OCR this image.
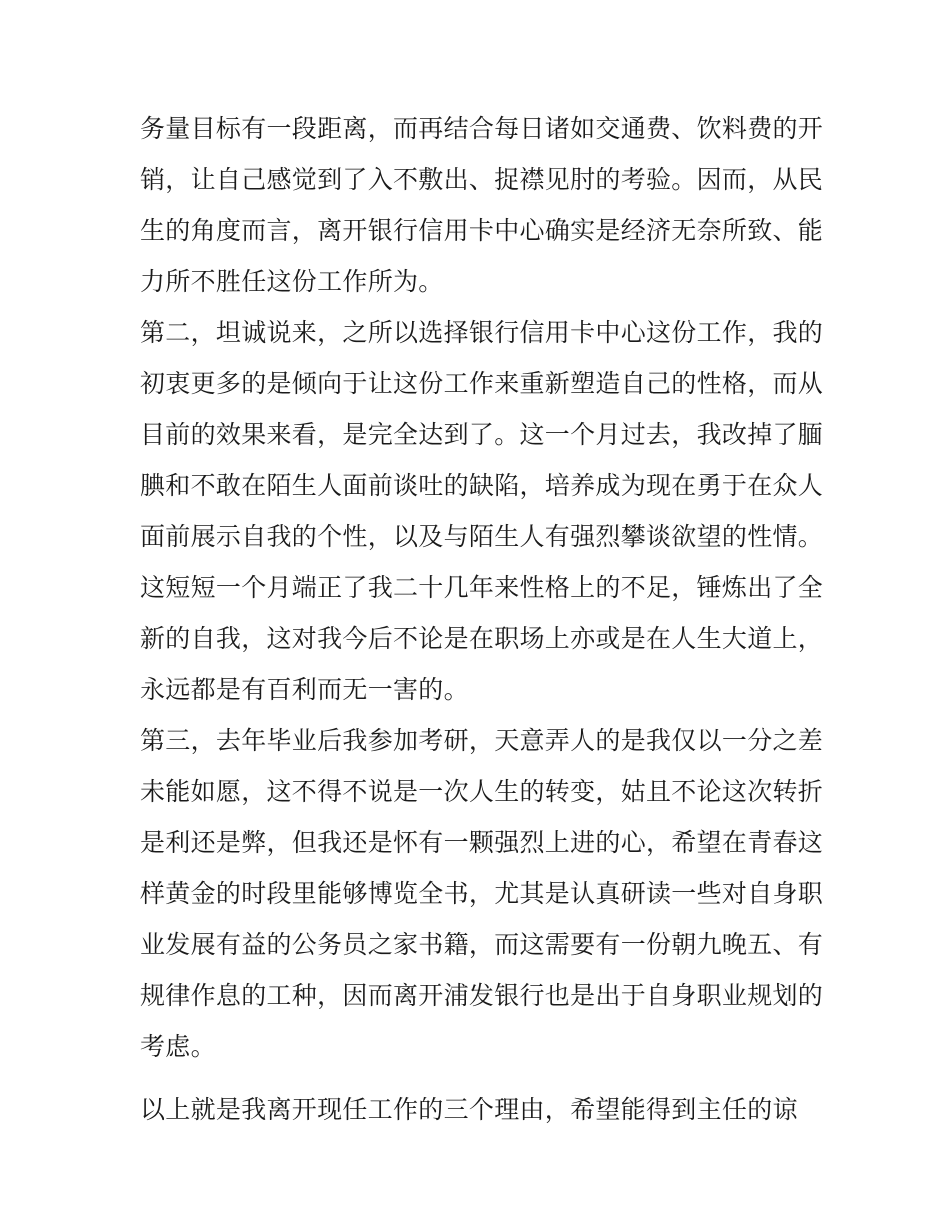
务量目标有一段距离，而再结合每日诸如交通费、饮料费的开
销，让自己感觉到了入不敷出、捉襟见肘的考验。因而，从民
生的角度而言，离开银行信用卡中心确实是经济无奈所致、能
力所不胜任这份工作所为。
第二，坦诚说来，之所以选择银行信用卡中心这份工作，我的
初衷更多的是倾向于让这份工作来重新塑造自己的性格，而从
目前的效果来看，是完全达到了。这一个月过去，我改掉了腼
腆和不敢在陌生人面前谈吐的缺陷，培养成为现在勇于在众人
面前展示自我的个性，以及与陌生人有强烈攀谈欲望的性情。
这短短一个月端正了我二十几年来性格上的不足，锤炼出了全
新的自我，这对我今后不论是在职场上亦或是在人生大道上，
永远都是有百利而无一害的。
第三，去年毕业后我参加考研，天意弄人的是我仅以一分之差
未能如愿，这不得不说是一次人生的转变，姑且不论这次转折
是利还是弊，但我还是怀有一颗强烈上进的心，希望在青春这
样黄金的时段里能够博览全书，尤其是认真研读一些对自身职
业发展有益的公务员之家书籍，而这需要有一份朝九晚五、有
规律作息的工种，因而离开浦发银行也是出于自身职业规划的
考虑。
以上就是我离开现任工作的三个理由，希望能得到主任的谅
